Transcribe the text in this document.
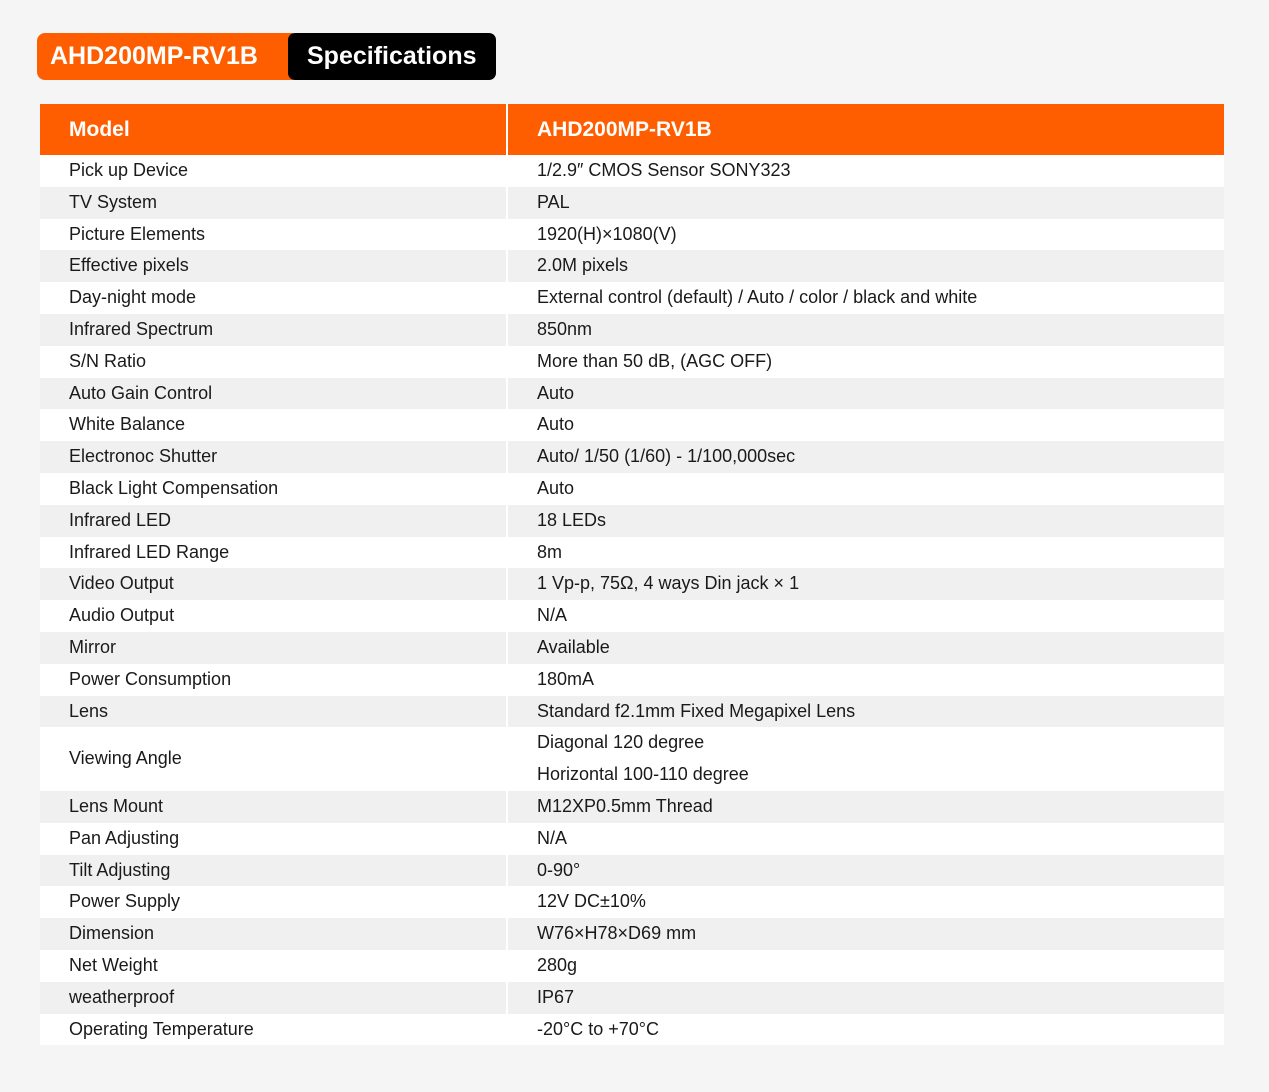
AHD200MP-RV1B	Specifications
Model	AHD200MP-RV1B
Pick up Device	1/2.9″ CMOS Sensor SONY323

TV System	PAL

Picture Elements	1920(H)×1080(V)

Effective pixels	2.0M pixels

Day-night mode	External control (default) / Auto / color / black and white

Infrared Spectrum	850nm

S/N Ratio	More than 50 dB, (AGC OFF)

Auto Gain Control	Auto

White Balance	Auto

Electronoc Shutter	Auto/ 1/50 (1/60) - 1/100,000sec

Black Light Compensation	Auto

Infrared LED	18 LEDs

Infrared LED Range	8m

Video Output	1 Vp-p, 75Ω, 4 ways Din jack × 1

Audio Output	N/A

Mirror	Available

Power Consumption	180mA

Lens	Standard f2.1mm Fixed Megapixel Lens

Viewing Angle	Diagonal 120 degree
Horizontal 100-110 degree

Lens Mount	M12XP0.5mm Thread

Pan Adjusting	N/A

Tilt Adjusting	0-90°

Power Supply	12V DC±10%

Dimension	W76×H78×D69 mm

Net Weight	280g

weatherproof	IP67

Operating Temperature	-20°C to +70°C
